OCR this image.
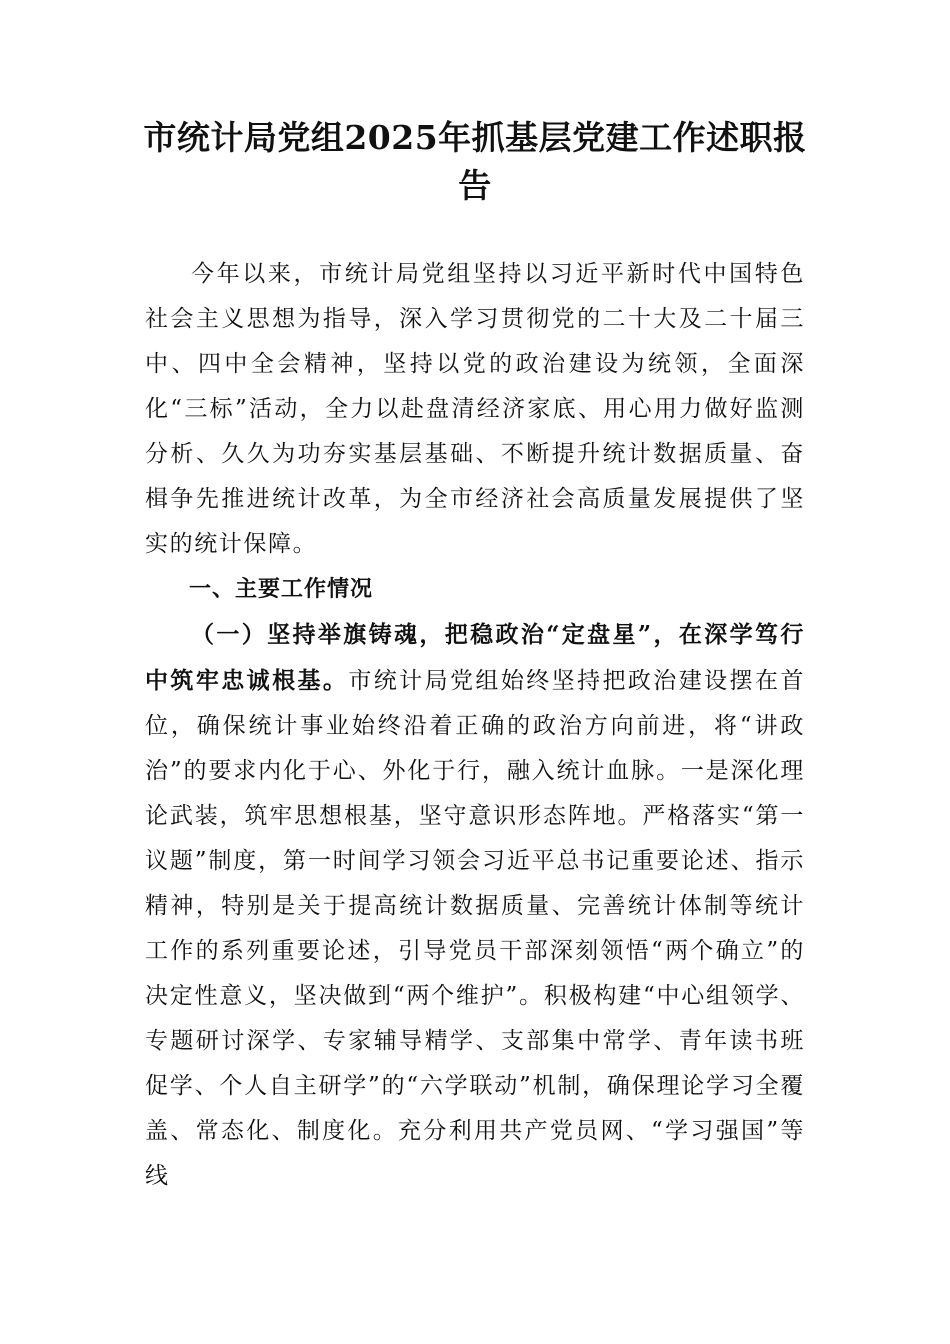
市统计局党组2025年抓基层党建工作述职报告

今年以来，市统计局党组坚持以习近平新时代中国特色社会主义思想为指导，深入学习贯彻党的二十大及二十届三中、四中全会精神，坚持以党的政治建设为统领，全面深化“三标”活动，全力以赴盘清经济家底、用心用力做好监测分析、久久为功夯实基层基础、不断提升统计数据质量、奋楫争先推进统计改革，为全市经济社会高质量发展提供了坚实的统计保障。

一、主要工作情况

（一）坚持举旗铸魂，把稳政治“定盘星”，在深学笃行中筑牢忠诚根基。市统计局党组始终坚持把政治建设摆在首位，确保统计事业始终沿着正确的政治方向前进，将“讲政治”的要求内化于心、外化于行，融入统计血脉。一是深化理论武装，筑牢思想根基，坚守意识形态阵地。严格落实“第一议题”制度，第一时间学习领会习近平总书记重要论述、指示精神，特别是关于提高统计数据质量、完善统计体制等统计工作的系列重要论述，引导党员干部深刻领悟“两个确立”的决定性意义，坚决做到“两个维护”。积极构建“中心组领学、专题研讨深学、专家辅导精学、支部集中常学、青年读书班促学、个人自主研学”的“六学联动”机制，确保理论学习全覆盖、常态化、制度化。充分利用共产党员网、“学习强国”等线
